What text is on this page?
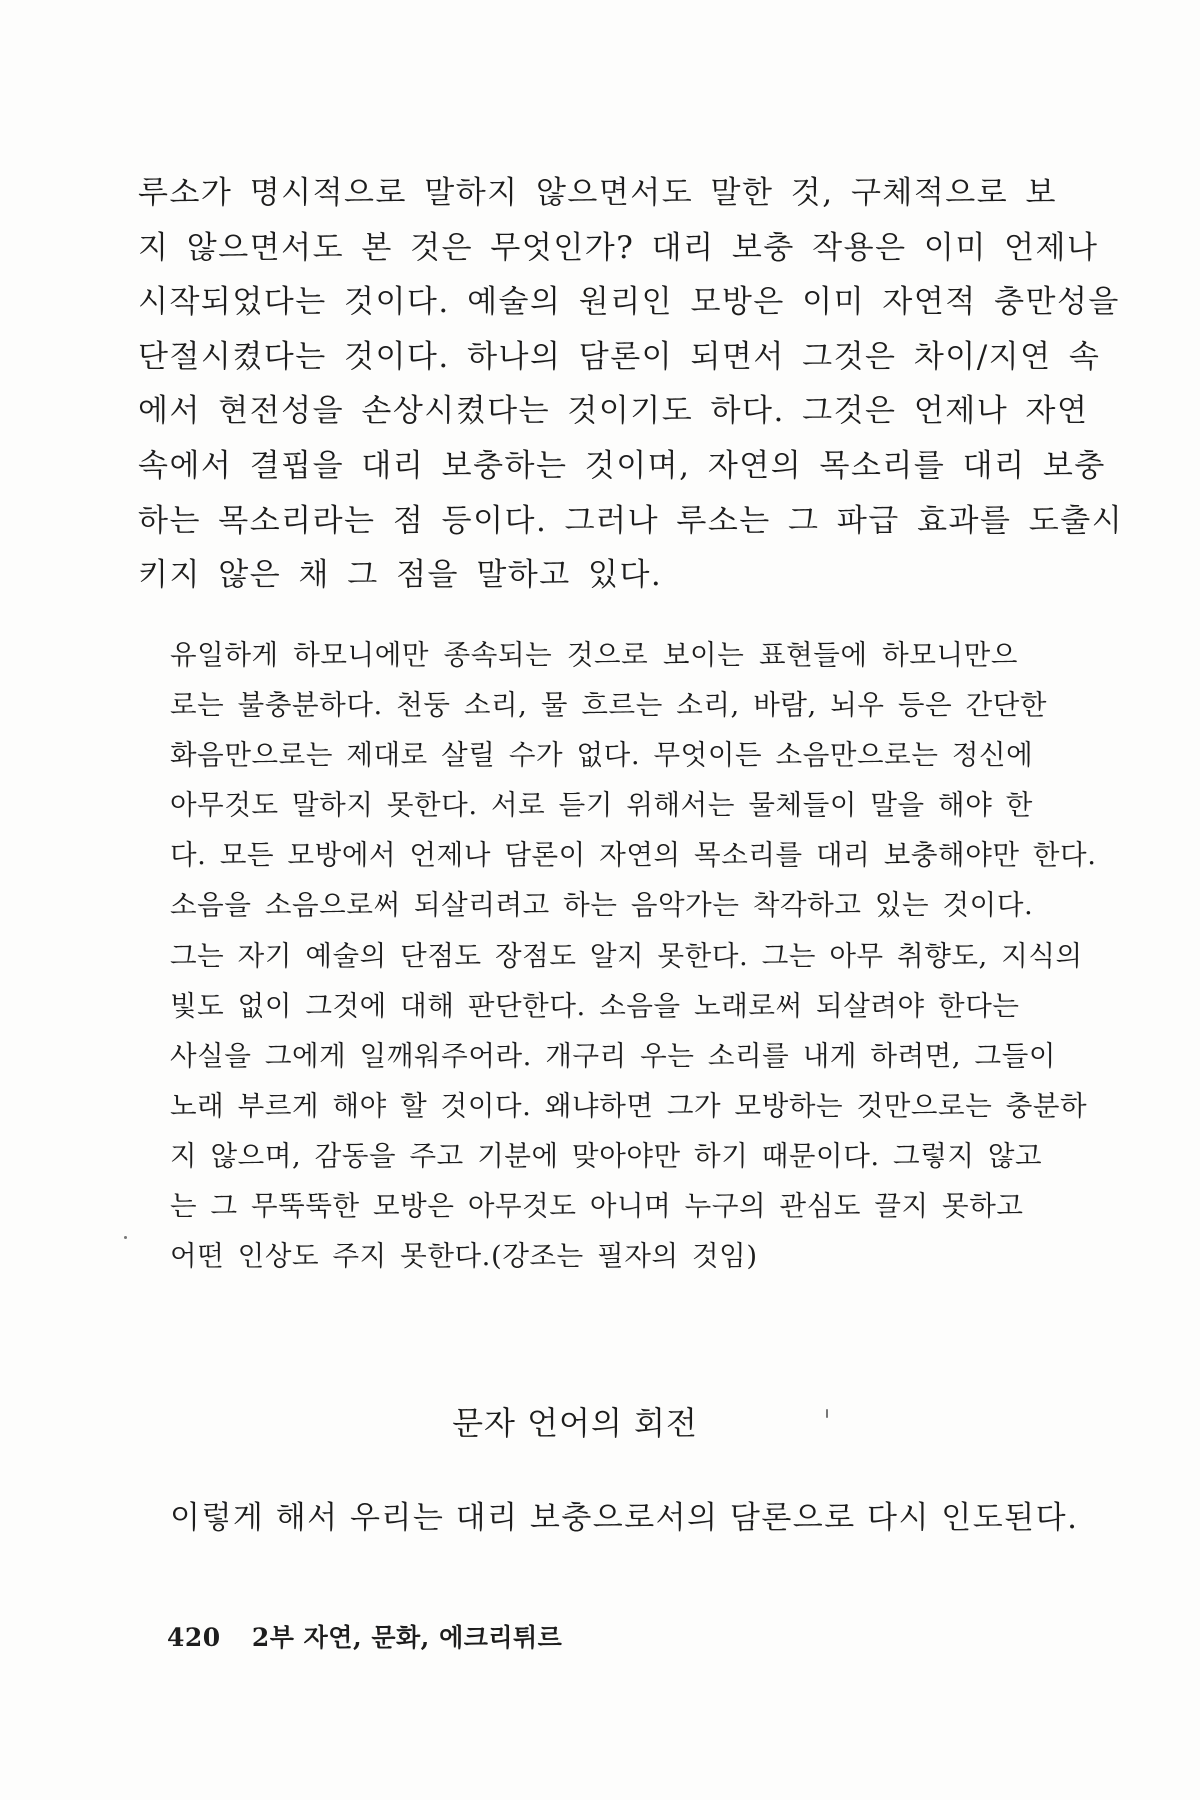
루소가 명시적으로 말하지 않으면서도 말한 것, 구체적으로 보
지 않으면서도 본 것은 무엇인가? 대리 보충 작용은 이미 언제나
시작되었다는 것이다. 예술의 원리인 모방은 이미 자연적 충만성을
단절시켰다는 것이다. 하나의 담론이 되면서 그것은 차이/지연 속
에서 현전성을 손상시켰다는 것이기도 하다. 그것은 언제나 자연
속에서 결핍을 대리 보충하는 것이며, 자연의 목소리를 대리 보충
하는 목소리라는 점 등이다. 그러나 루소는 그 파급 효과를 도출시
키지 않은 채 그 점을 말하고 있다.
유일하게 하모니에만 종속되는 것으로 보이는 표현들에 하모니만으
로는 불충분하다. 천둥 소리, 물 흐르는 소리, 바람, 뇌우 등은 간단한
화음만으로는 제대로 살릴 수가 없다. 무엇이든 소음만으로는 정신에
아무것도 말하지 못한다. 서로 듣기 위해서는 물체들이 말을 해야 한
다. 모든 모방에서 언제나 담론이 자연의 목소리를 대리 보충해야만 한다.
소음을 소음으로써 되살리려고 하는 음악가는 착각하고 있는 것이다.
그는 자기 예술의 단점도 장점도 알지 못한다. 그는 아무 취향도, 지식의
빛도 없이 그것에 대해 판단한다. 소음을 노래로써 되살려야 한다는
사실을 그에게 일깨워주어라. 개구리 우는 소리를 내게 하려면, 그들이
노래 부르게 해야 할 것이다. 왜냐하면 그가 모방하는 것만으로는 충분하
지 않으며, 감동을 주고 기분에 맞아야만 하기 때문이다. 그렇지 않고
는 그 무뚝뚝한 모방은 아무것도 아니며 누구의 관심도 끌지 못하고
어떤 인상도 주지 못한다.(강조는 필자의 것임)
문자 언어의 회전
이렇게 해서 우리는 대리 보충으로서의 담론으로 다시 인도된다.
420 2부 자연, 문화, 에크리튀르
